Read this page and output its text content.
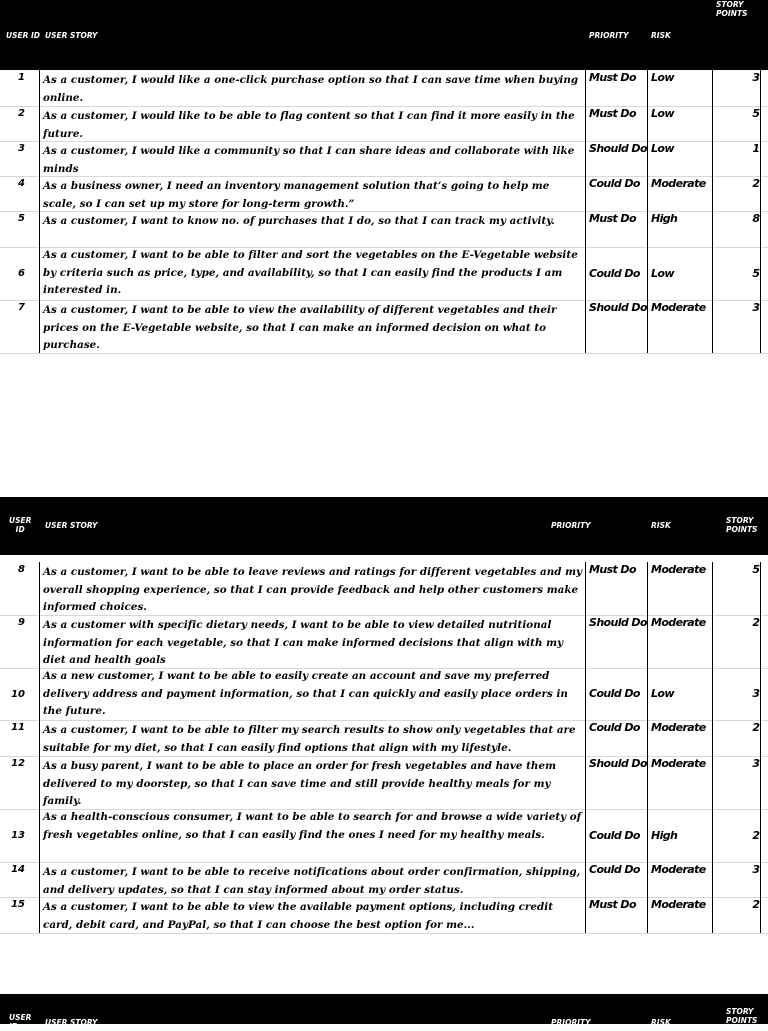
USER ID USER STORY	PRIORITY	RISK
STORY
POINTS
1	As a customer, I would like a one-click purchase option so that I can save time when buying online.
Must Do	Low	3
2	As a customer, I would like to be able to flag content so that I can find it more easily in the future.
Must Do	Low	5
3	As a customer, I would like a community so that I can share ideas and collaborate with like minds
Should Do Low	1
4	As a business owner, I need an inventory management solution that’s going to help me scale, so I can set up my store for long-term growth.”
Could Do	Moderate	2
5	As a customer, I want to know no. of purchases that I do, so that I can track my activity.	Must Do	High	8
6
As a customer, I want to be able to filter and sort the vegetables on the E-Vegetable website by criteria such as price, type, and availability, so that I can easily find the products I am interested in.
Could Do	Low	5
7	As a customer, I want to be able to view the availability of different vegetables and their prices on the E-Vegetable website, so that I can make an informed decision on what to purchase.
Should Do Moderate	3
USER
ID	USER STORY	PRIORITY	RISK
STORY
POINTS
8	As a customer, I want to be able to leave reviews and ratings for different vegetables and my overall shopping experience, so that I can provide feedback and help other customers make informed choices.
Must Do	Moderate	5
9	As a customer with specific dietary needs, I want to be able to view detailed nutritional information for each vegetable, so that I can make informed decisions that align with my diet and health goals
Should Do Moderate	2
10
As a new customer, I want to be able to easily create an account and save my preferred delivery address and payment information, so that I can quickly and easily place orders in the future.
Could Do	Low	3
11	As a customer, I want to be able to filter my search results to show only vegetables that are suitable for my diet, so that I can easily find options that align with my lifestyle.
Could Do	Moderate	2
12	As a busy parent, I want to be able to place an order for fresh vegetables and have them delivered to my doorstep, so that I can save time and still provide healthy meals for my family.
Should Do Moderate	3
13
As a health-conscious consumer, I want to be able to search for and browse a wide variety of fresh vegetables online, so that I can easily find the ones I need for my healthy meals.	Could Do	High	2
14	As a customer, I want to be able to receive notifications about order confirmation, shipping, and delivery updates, so that I can stay informed about my order status.
Could Do	Moderate	3
15	As a customer, I want to be able to view the available payment options, including credit card, debit card, and PayPal, so that I can choose the best option for me...
Must Do	Moderate	2
USER
ID	USER STORY	PRIORITY	RISK
STORY
POINTS
